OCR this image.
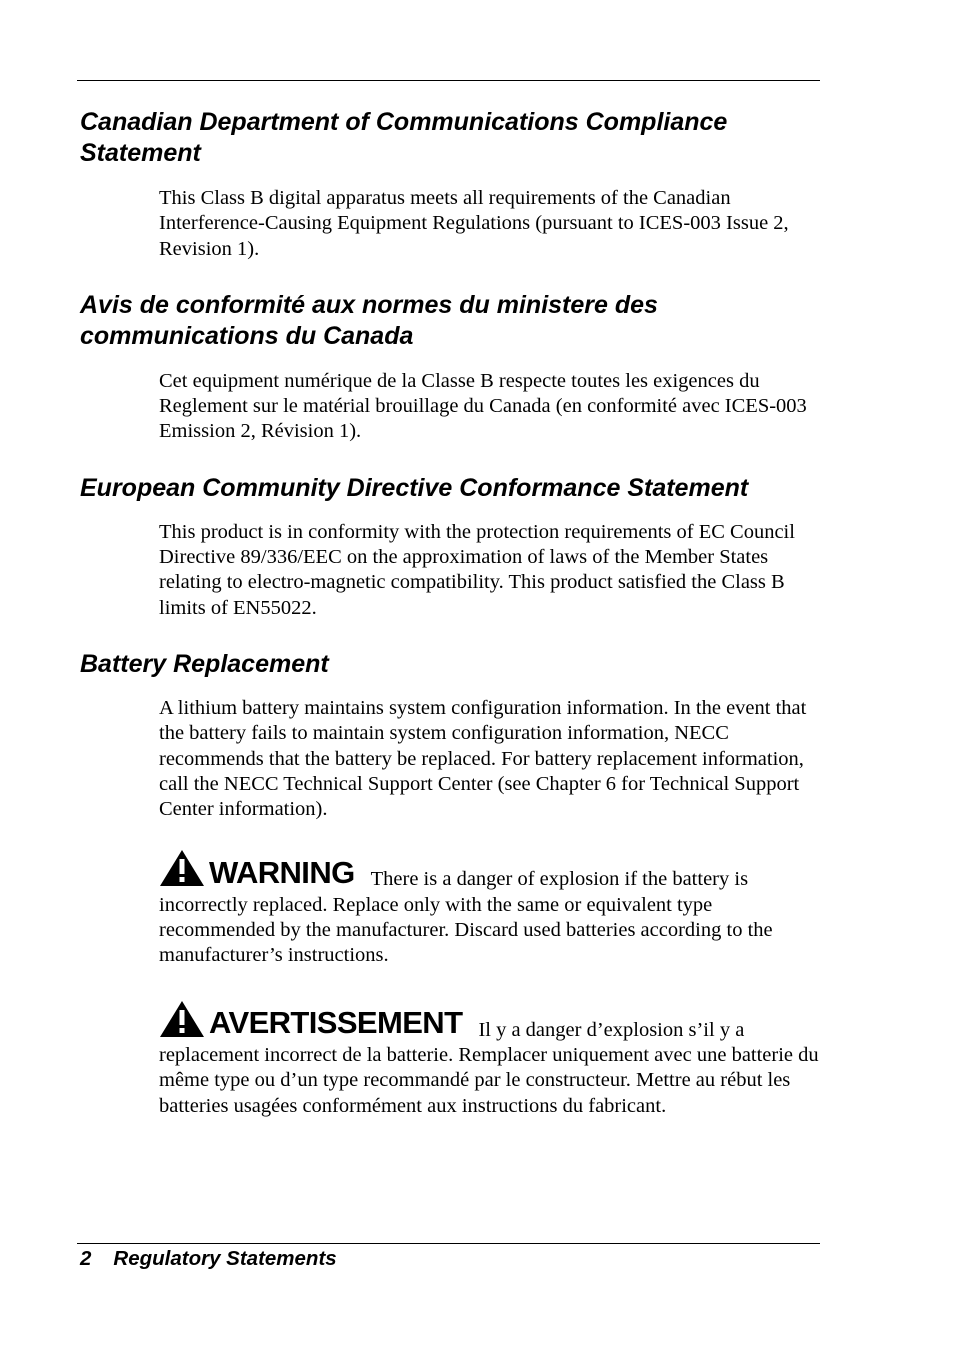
Canadian Department of Communications Compliance Statement

This Class B digital apparatus meets all requirements of the Canadian Interference-Causing Equipment Regulations (pursuant to ICES-003 Issue 2, Revision 1).

Avis de conformité aux normes du ministere des communications du Canada

Cet equipment numérique de la Classe B respecte toutes les exigences du Reglement sur le matérial brouillage du Canada (en conformité avec ICES-003 Emission 2, Révision 1).

European Community Directive Conformance Statement

This product is in conformity with the protection requirements of EC Council Directive 89/336/EEC on the approximation of laws of the Member States relating to electro-magnetic compatibility. This product satisfied the Class B limits of EN55022.

Battery Replacement

A lithium battery maintains system configuration information. In the event that the battery fails to maintain system configuration information, NECC recommends that the battery be replaced. For battery replacement information, call the NECC Technical Support Center (see Chapter 6 for Technical Support Center information).

WARNING There is a danger of explosion if the battery is incorrectly replaced. Replace only with the same or equivalent type recommended by the manufacturer. Discard used batteries according to the manufacturer’s instructions.

AVERTISSEMENT Il y a danger d’explosion s’il y a replacement incorrect de la batterie. Remplacer uniquement avec une batterie du même type ou d’un type recommandé par le constructeur. Mettre au rébut les batteries usagées conformément aux instructions du fabricant.

2 Regulatory Statements
